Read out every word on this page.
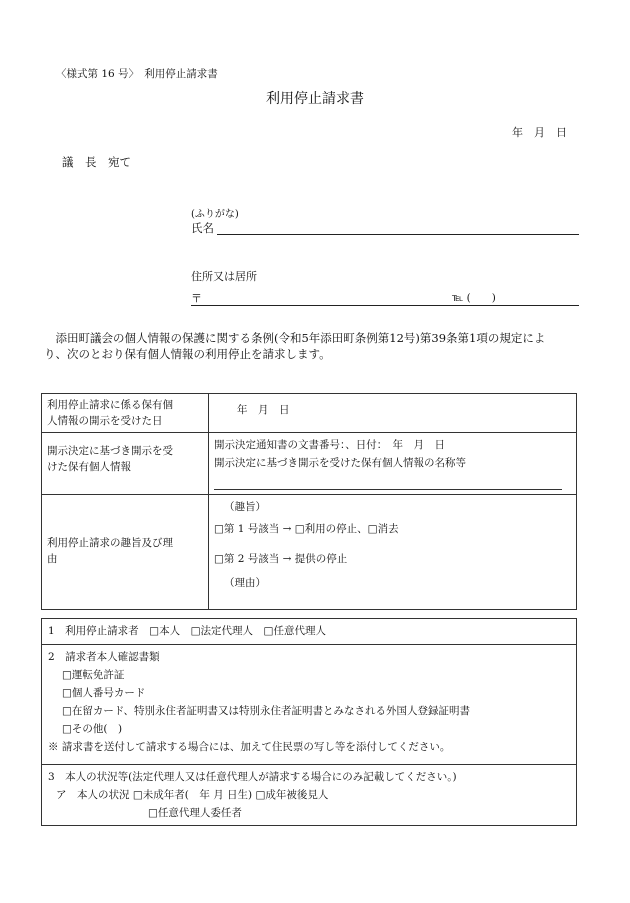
〈様式第 16 号〉　利用停止請求書
利用停止請求書
年　月　日
議　長　宛て
(ふりがな)
氏名
住所又は居所
〒	℡ (　　)
　添田町議会の個人情報の保護に関する条例(令和5年添田町条例第12号)第39条第1項の規定によ
り、次のとおり保有個人情報の利用停止を請求します。
利用停止請求に係る保有個
人情報の開示を受けた日	年　月　日

開示決定に基づき開示を受
けた保有個人情報	開示決定通知書の文書番号：、日付：　年　月　日
開示決定に基づき開示を受けた保有個人情報の名称等

利用停止請求の趣旨及び理
由	（趣旨）
□第 1 号該当 → □利用の停止、□消去
□第 2 号該当 → 提供の停止
（理由）
1　利用停止請求者　□本人　□法定代理人　□任意代理人

2　請求者本人確認書類
□運転免許証
□個人番号カード
□在留カード、特別永住者証明書又は特別永住者証明書とみなされる外国人登録証明書
□その他(　)
※ 請求書を送付して請求する場合には、加えて住民票の写し等を添付してください。

3　本人の状況等(法定代理人又は任意代理人が請求する場合にのみ記載してください。)
ア　本人の状況 □未成年者(　年 月 日生) □成年被後見人
□任意代理人委任者
